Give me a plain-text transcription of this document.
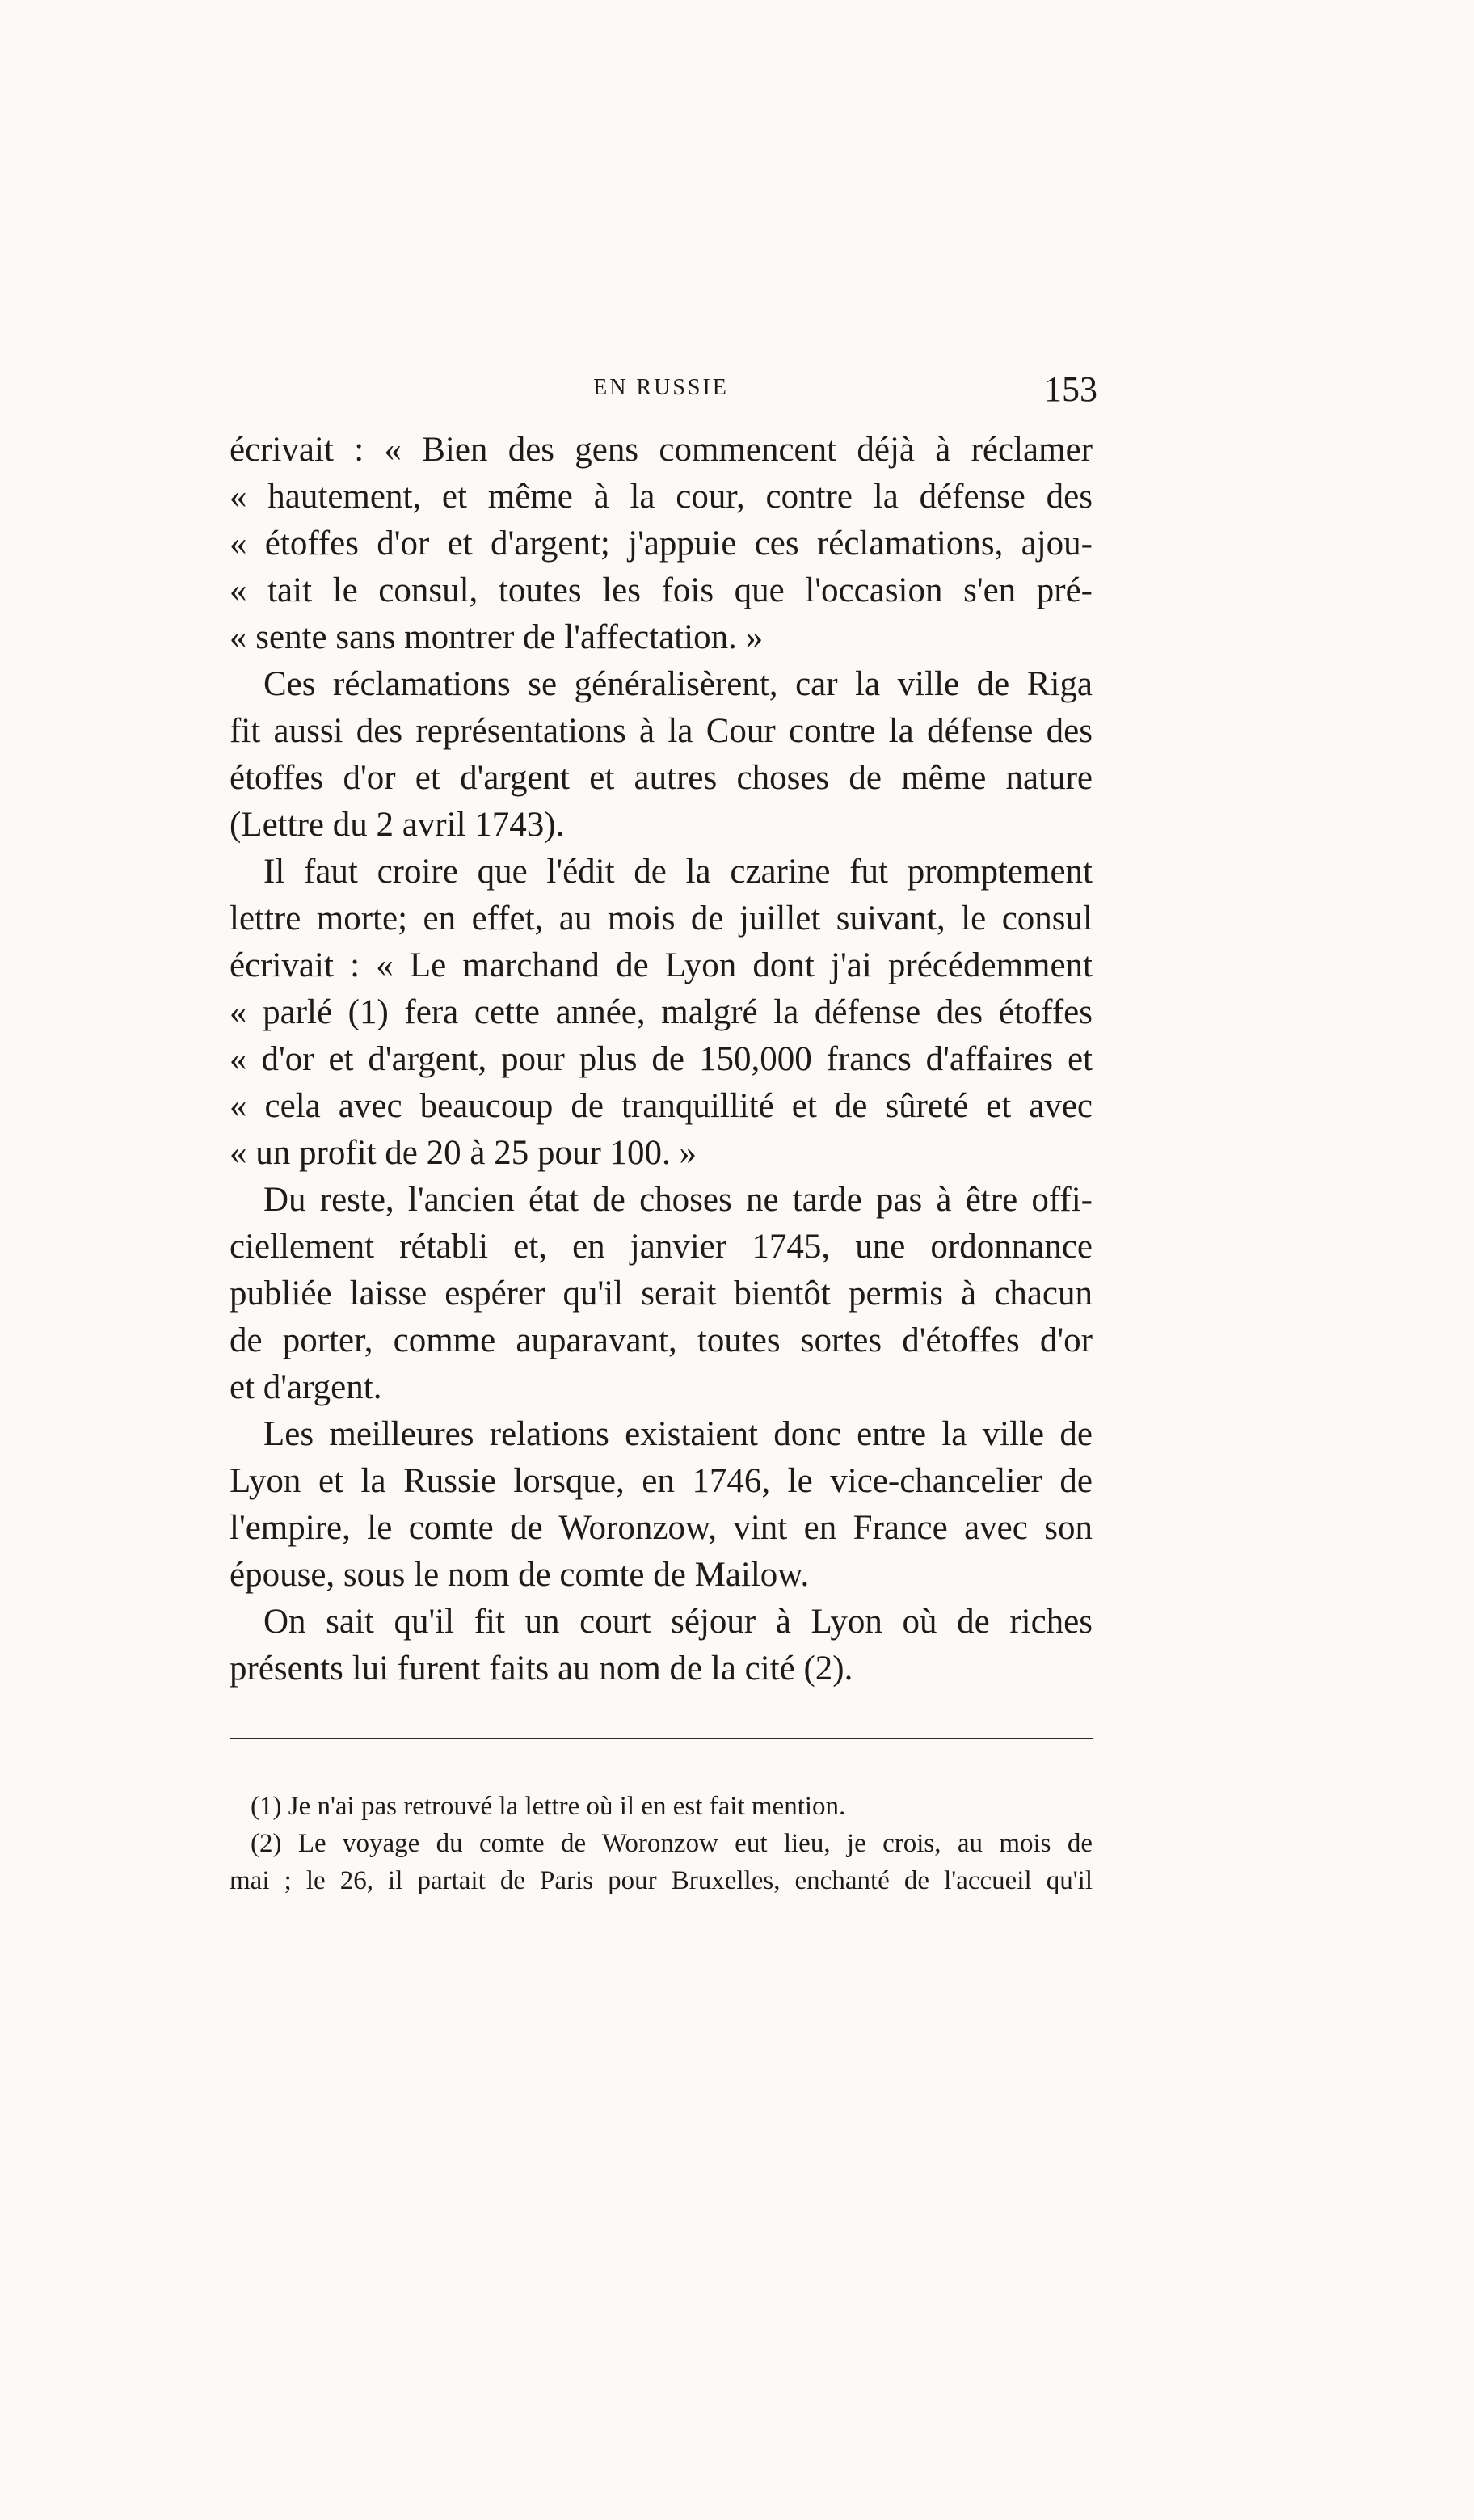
EN RUSSIE	153
écrivait : « Bien des gens commencent déjà à réclamer
« hautement, et même à la cour, contre la défense des
« étoffes d'or et d'argent; j'appuie ces réclamations, ajou-
« tait le consul, toutes les fois que l'occasion s'en pré-
« sente sans montrer de l'affectation. »
Ces réclamations se généralisèrent, car la ville de Riga
fit aussi des représentations à la Cour contre la défense des
étoffes d'or et d'argent et autres choses de même nature
(Lettre du 2 avril 1743).
Il faut croire que l'édit de la czarine fut promptement
lettre morte; en effet, au mois de juillet suivant, le consul
écrivait : « Le marchand de Lyon dont j'ai précédemment
« parlé (1) fera cette année, malgré la défense des étoffes
« d'or et d'argent, pour plus de 150,000 francs d'affaires et
« cela avec beaucoup de tranquillité et de sûreté et avec
« un profit de 20 à 25 pour 100. »
Du reste, l'ancien état de choses ne tarde pas à être offi-
ciellement rétabli et, en janvier 1745, une ordonnance
publiée laisse espérer qu'il serait bientôt permis à chacun
de porter, comme auparavant, toutes sortes d'étoffes d'or
et d'argent.
Les meilleures relations existaient donc entre la ville de
Lyon et la Russie lorsque, en 1746, le vice-chancelier de
l'empire, le comte de Woronzow, vint en France avec son
épouse, sous le nom de comte de Mailow.
On sait qu'il fit un court séjour à Lyon où de riches
présents lui furent faits au nom de la cité (2).
(1) Je n'ai pas retrouvé la lettre où il en est fait mention.
(2) Le voyage du comte de Woronzow eut lieu, je crois, au mois de
mai ; le 26, il partait de Paris pour Bruxelles, enchanté de l'accueil qu'il
